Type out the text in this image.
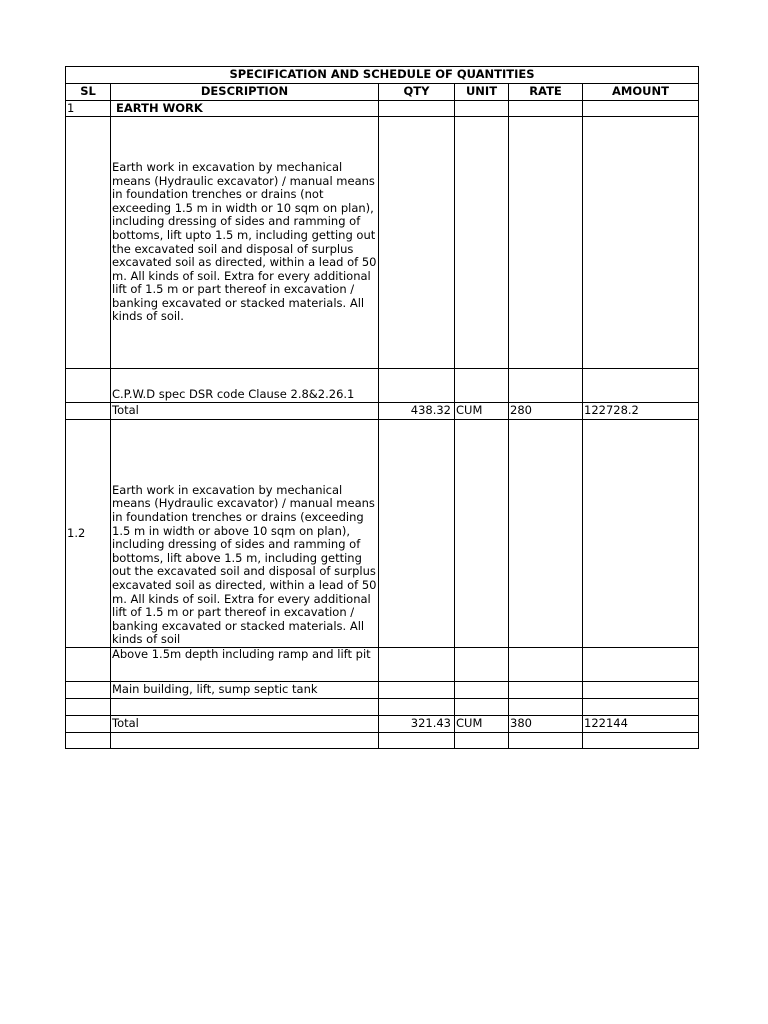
SPECIFICATION AND SCHEDULE OF QUANTITIES					
SL	DESCRIPTION	QTY	UNIT	RATE	AMOUNT
1	EARTH WORK				
	Earth work in excavation by mechanical means (Hydraulic excavator) / manual means in foundation trenches or drains (not exceeding 1.5 m in width or 10 sqm on plan), including dressing of sides and ramming of bottoms, lift upto 1.5 m, including getting out the excavated soil and disposal of surplus excavated soil as directed, within a lead of 50 m. All kinds of soil. Extra for every additional lift of 1.5 m or part thereof in excavation / banking excavated or stacked materials. All kinds of soil.				
	C.P.W.D spec DSR code Clause 2.8&2.26.1				
	Total	438.32	CUM	280	122728.2
1.2	Earth work in excavation by mechanical means (Hydraulic excavator) / manual means in foundation trenches or drains (exceeding 1.5 m in width or above 10 sqm on plan), including dressing of sides and ramming of bottoms, lift above 1.5 m, including getting out the excavated soil and disposal of surplus excavated soil as directed, within a lead of 50 m. All kinds of soil. Extra for every additional lift of 1.5 m or part thereof in excavation / banking excavated or stacked materials. All kinds of soil				
	Above 1.5m depth including ramp and lift pit				
	Main building, lift, sump septic tank				

	Total	321.43	CUM	380	122144
